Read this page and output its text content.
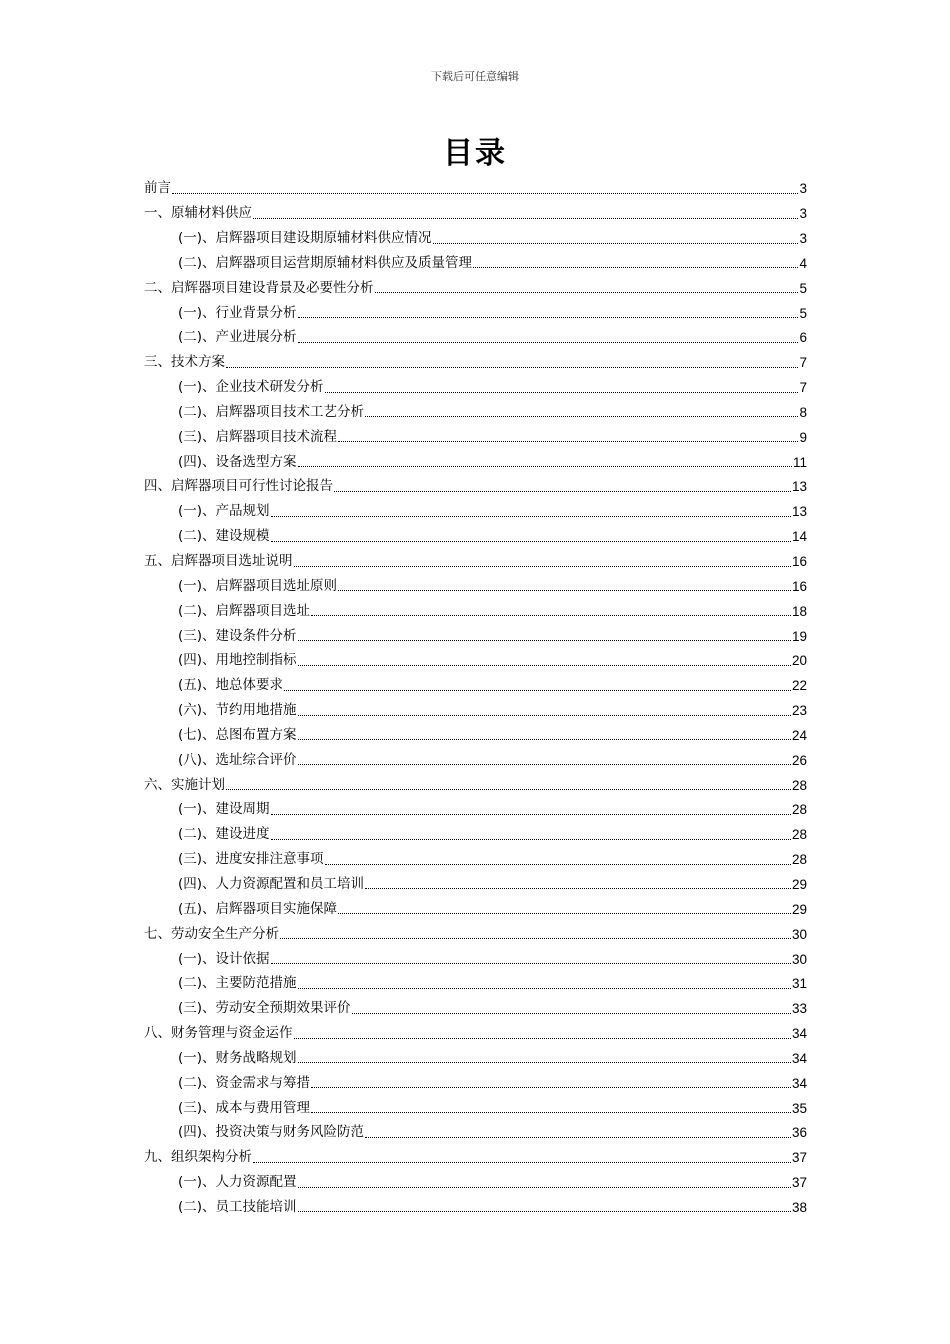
下载后可任意编辑
目录
前言	3
一、原辅材料供应	3
(一)、启辉器项目建设期原辅材料供应情况	3
(二)、启辉器项目运营期原辅材料供应及质量管理	4
二、启辉器项目建设背景及必要性分析	5
(一)、行业背景分析	5
(二)、产业进展分析	6
三、技术方案	7
(一)、企业技术研发分析	7
(二)、启辉器项目技术工艺分析	8
(三)、启辉器项目技术流程	9
(四)、设备选型方案	11
四、启辉器项目可行性讨论报告	13
(一)、产品规划	13
(二)、建设规模	14
五、启辉器项目选址说明	16
(一)、启辉器项目选址原则	16
(二)、启辉器项目选址	18
(三)、建设条件分析	19
(四)、用地控制指标	20
(五)、地总体要求	22
(六)、节约用地措施	23
(七)、总图布置方案	24
(八)、选址综合评价	26
六、实施计划	28
(一)、建设周期	28
(二)、建设进度	28
(三)、进度安排注意事项	28
(四)、人力资源配置和员工培训	29
(五)、启辉器项目实施保障	29
七、劳动安全生产分析	30
(一)、设计依据	30
(二)、主要防范措施	31
(三)、劳动安全预期效果评价	33
八、财务管理与资金运作	34
(一)、财务战略规划	34
(二)、资金需求与筹措	34
(三)、成本与费用管理	35
(四)、投资决策与财务风险防范	36
九、组织架构分析	37
(一)、人力资源配置	37
(二)、员工技能培训	38
